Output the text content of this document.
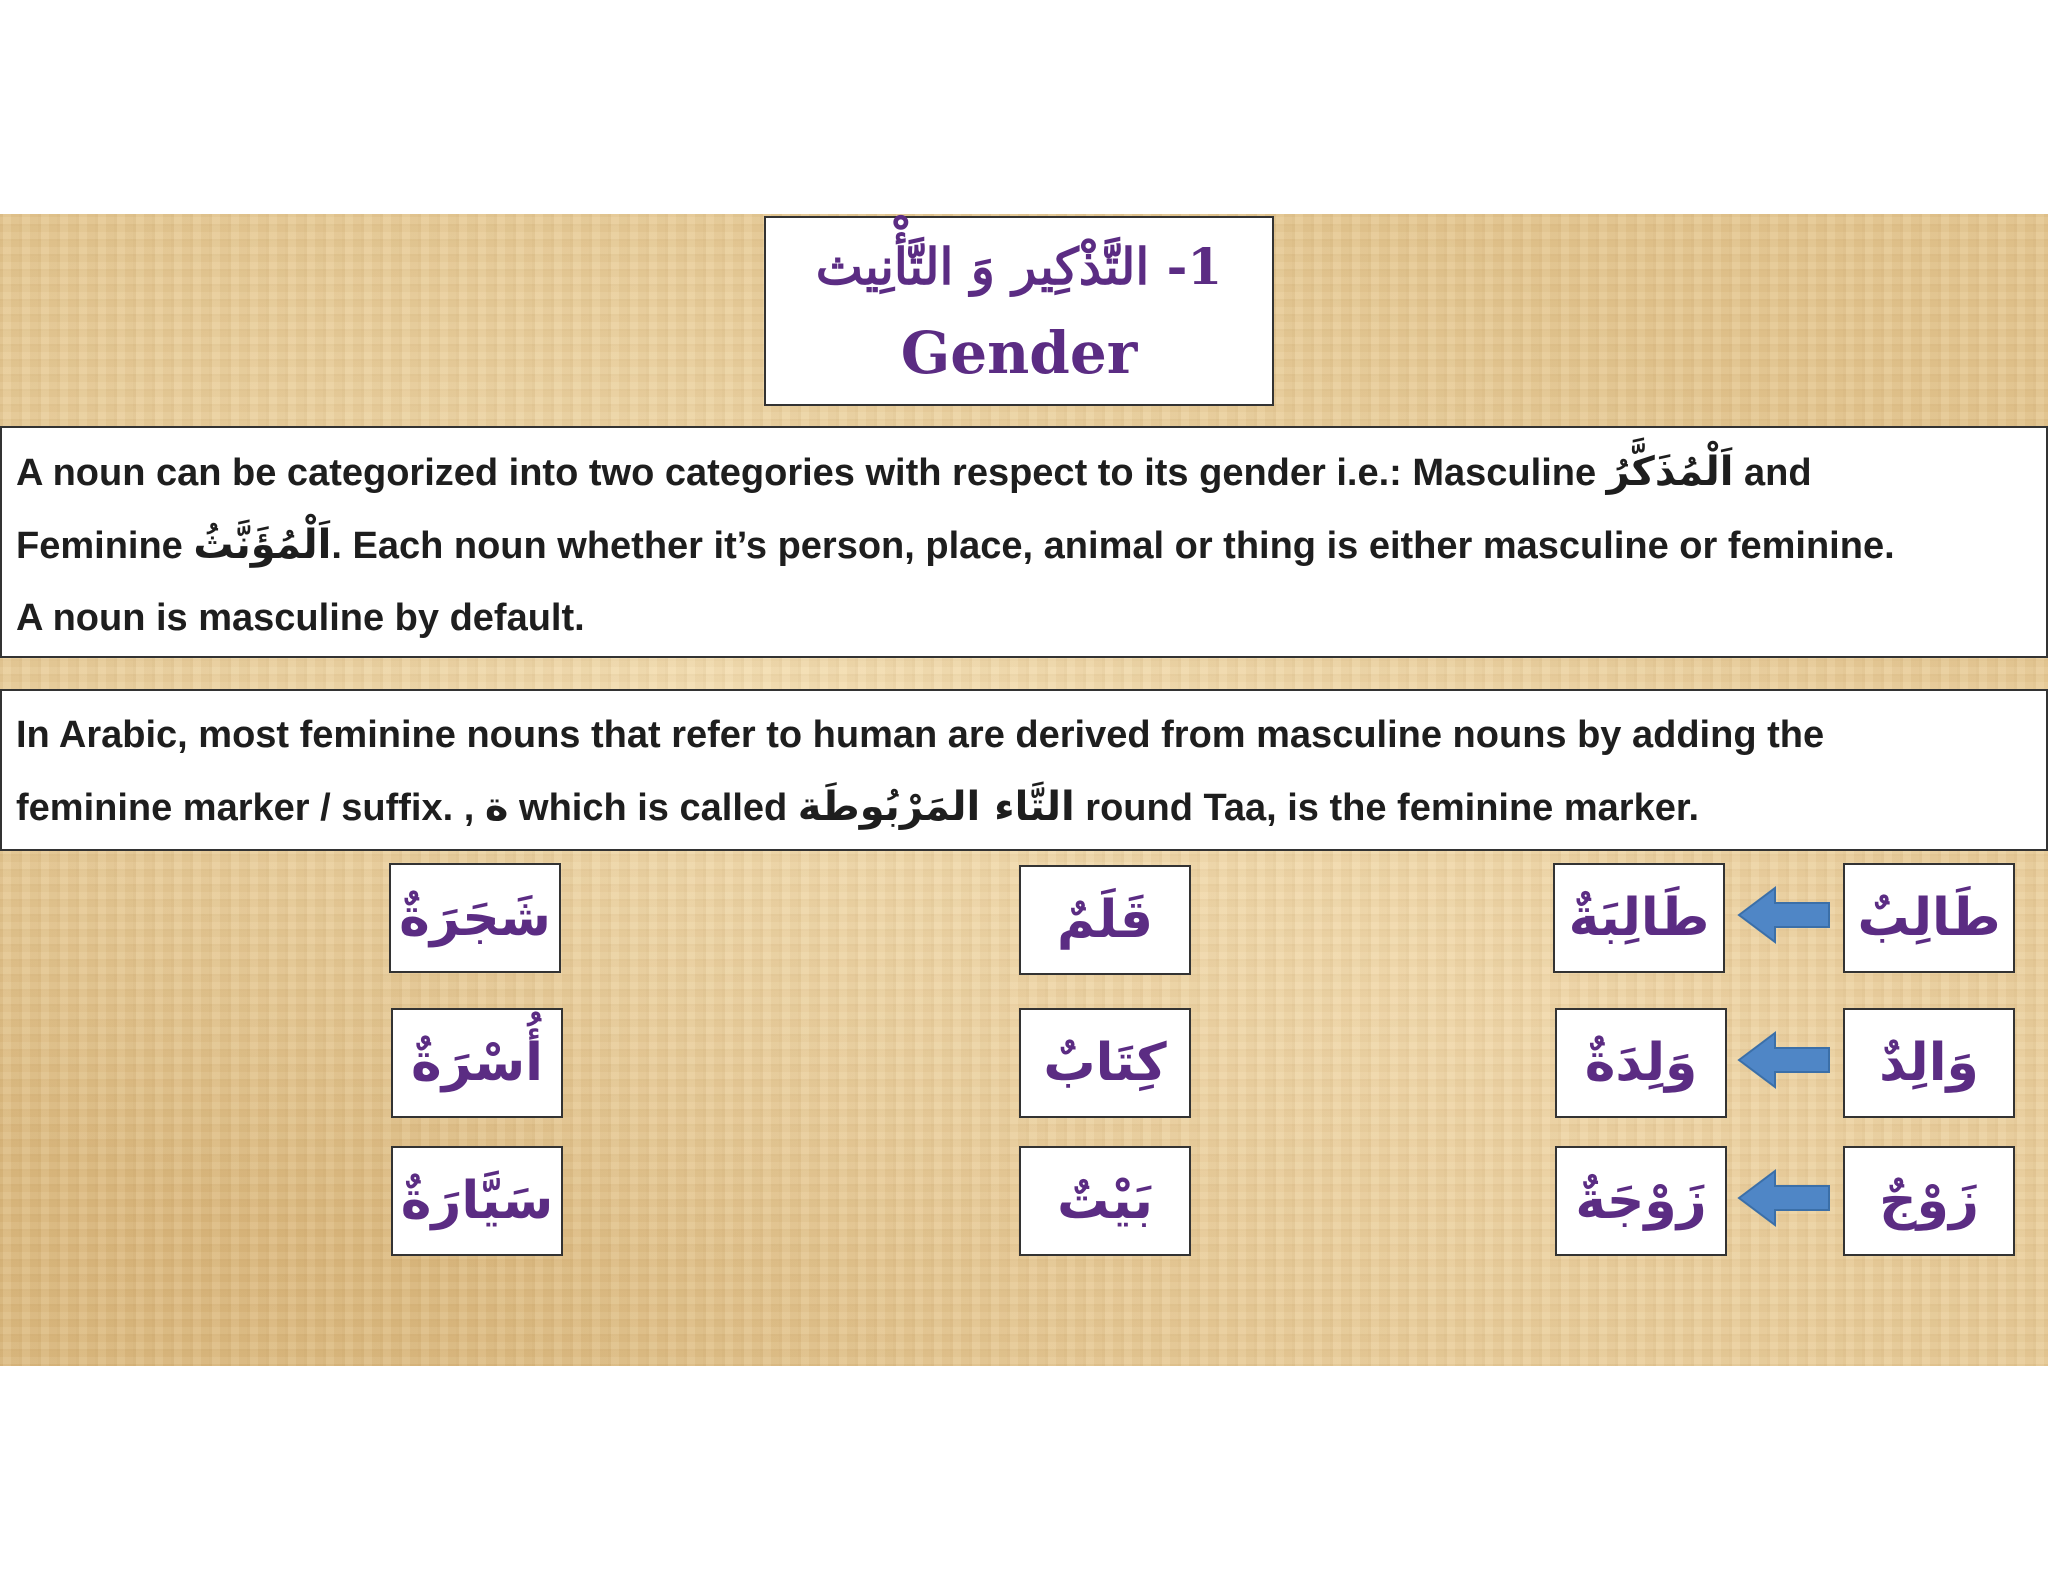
1- التَّذْكِير وَ التَّأْنِيث
Gender
A noun can be categorized into two categories with respect to its gender i.e.: Masculine اَلْمُذَكَّرُ and
Feminine اَلْمُؤَنَّثُ. Each noun whether it’s person, place, animal or thing is either masculine or feminine.
A noun is masculine by default.
In Arabic, most feminine nouns that refer to human are derived from masculine nouns by adding the
feminine marker / suffix. , ة which is called التَّاء المَرْبُوطَة round Taa, is the feminine marker.
طَالِبٌ
وَالِدٌ
زَوْجٌ
طَالِبَةٌ
وَلِدَةٌ
زَوْجَةٌ
قَلَمٌ
كِتَابٌ
بَيْتٌ
شَجَرَةٌ
أُسْرَةٌ
سَيَّارَةٌ
